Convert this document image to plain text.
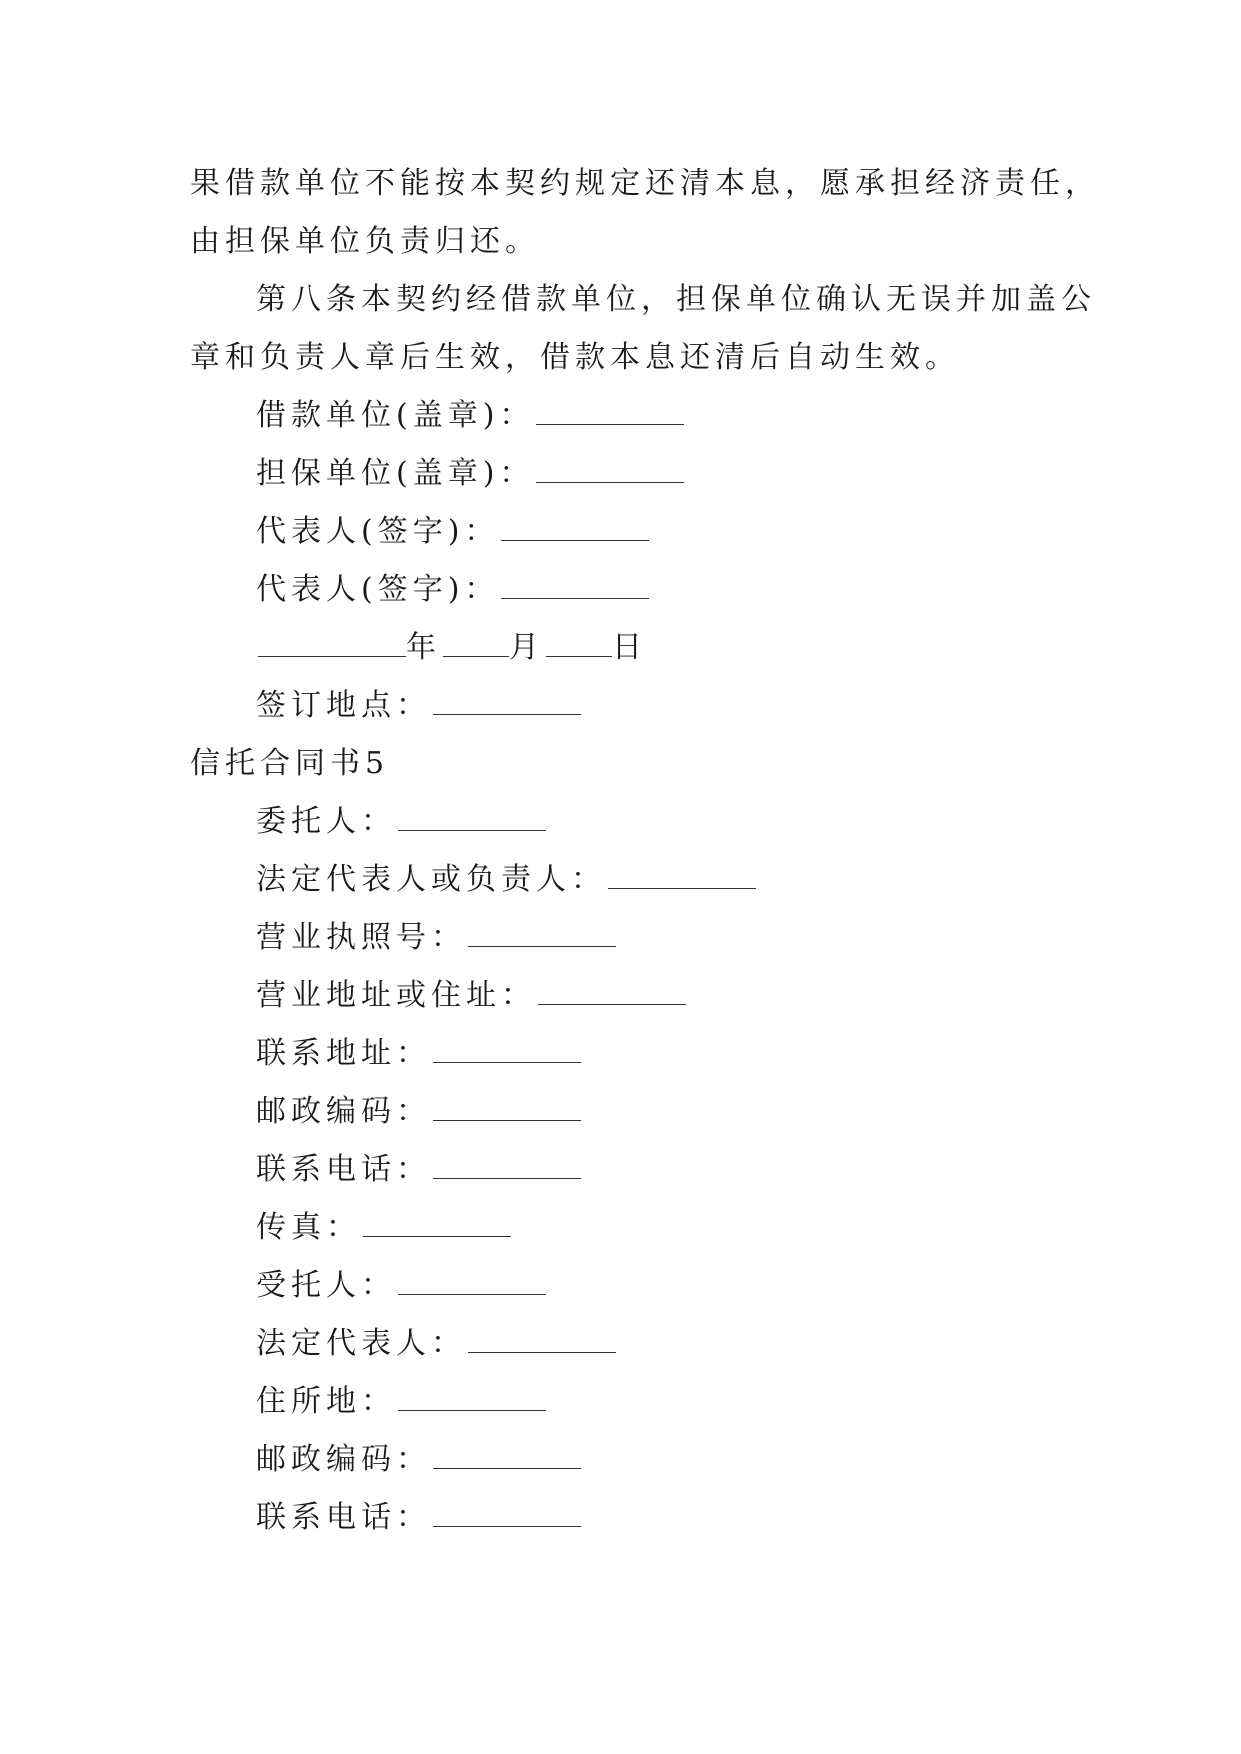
果借款单位不能按本契约规定还清本息，愿承担经济责任，
由担保单位负责归还。
第八条本契约经借款单位，担保单位确认无误并加盖公
章和负责人章后生效，借款本息还清后自动生效。
借款单位(盖章)：
担保单位(盖章)：
代表人(签字)：
代表人(签字)：
年 月 日
签订地点：
信托合同书5
委托人：
法定代表人或负责人：
营业执照号：
营业地址或住址：
联系地址：
邮政编码：
联系电话：
传真：
受托人：
法定代表人：
住所地：
邮政编码：
联系电话：
